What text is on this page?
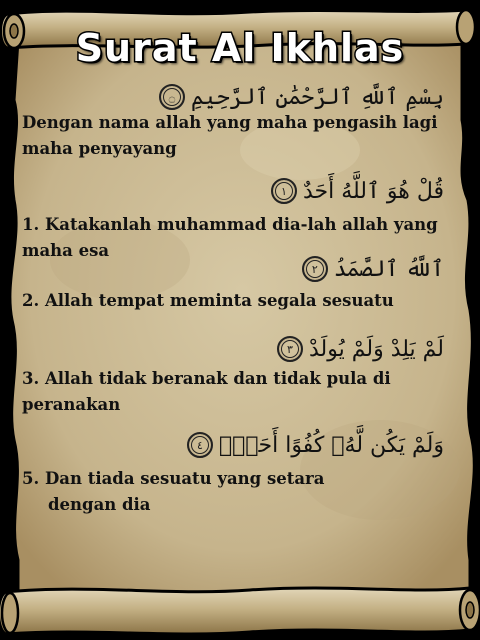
Surat Al Ikhlas
بِسْمِ ٱللَّهِ ٱلرَّحْمَٰنِ ٱلرَّحِيمِ
۝
Dengan nama allah yang maha pengasih lagi
maha penyayang
قُلْ هُوَ ٱللَّهُ أَحَدٌ
١
1. Katakanlah muhammad dia-lah allah yang
maha esa
ٱللَّهُ ٱلصَّمَدُ
٢
2. Allah tempat meminta segala sesuatu
لَمْ يَلِدْ وَلَمْ يُولَدْ
٣
3. Allah tidak beranak dan tidak pula di
peranakan
وَلَمْ يَكُن لَّهُۥ كُفُوًا أَحَدٌۢ
٤
5. Dan tiada sesuatu yang setara
dengan dia
